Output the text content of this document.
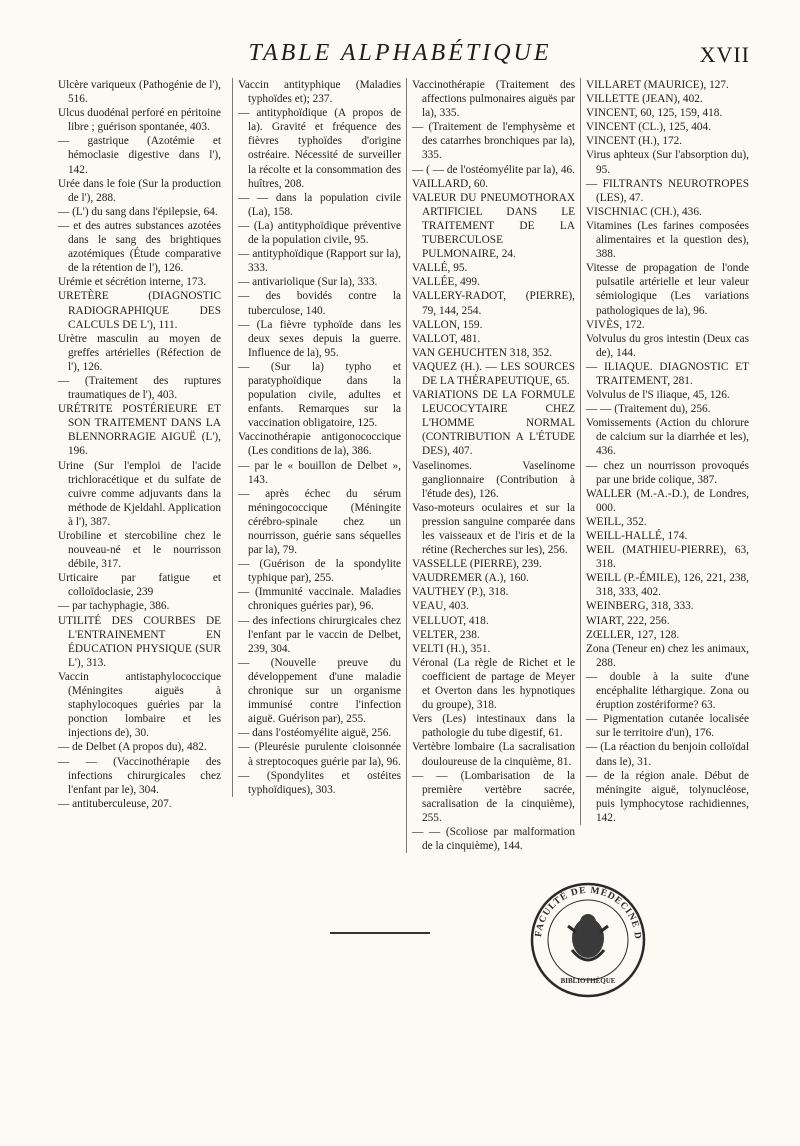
TABLE ALPHABÉTIQUE	XVII

Ulcère variqueux (Pathogénie de l'), 516.

Ulcus duodénal perforé en péritoine libre ; guérison spontanée, 403.

— gastrique (Azotémie et hémoclasie digestive dans l'), 142.

Urée dans le foie (Sur la production de l'), 288.

— (L') du sang dans l'épilepsie, 64.

— et des autres substances azotées dans le sang des brightiques azotémiques (Étude comparative de la rétention de l'), 126.

Urémie et sécrétion interne, 173.

URETÈRE (DIAGNOSTIC RADIOGRAPHIQUE DES CALCULS DE L'), 111.

Urètre masculin au moyen de greffes artérielles (Réfection de l'), 126.

— (Traitement des ruptures traumatiques de l'), 403.

URÉTRITE POSTÉRIEURE ET SON TRAITEMENT DANS LA BLENNORRAGIE AIGUË (L'), 196.

Urine (Sur l'emploi de l'acide trichloracétique et du sulfate de cuivre comme adjuvants dans la méthode de Kjeldahl. Application à l'), 387.

Urobiline et stercobiline chez le nouveau-né et le nourrisson débile, 317.

Urticaire par fatigue et colloïdoclasie, 239

— par tachyphagie, 386.

UTILITÉ DES COURBES DE L'ENTRAINEMENT EN ÉDUCATION PHYSIQUE (SUR L'), 313.

Vaccin antistaphylococcique (Méningites aiguës à staphylocoques guéries par la ponction lombaire et les injections de), 30.

— de Delbet (A propos du), 482.

— — (Vaccinothérapie des infections chirurgicales chez l'enfant par le), 304.

— antituberculeuse, 207.

Vaccin antityphique (Maladies typhoïdes et); 237.

— antityphoïdique (A propos de la). Gravité et fréquence des fièvres typhoïdes d'origine ostréaire. Nécessité de surveiller la récolte et la consommation des huîtres, 208.

— — dans la population civile (La), 158.

— (La) antityphoïdique préventive de la population civile, 95.

— antityphoïdique (Rapport sur la), 333.

— antivariolique (Sur la), 333.

— des bovidés contre la tuberculose, 140.

— (La fièvre typhoïde dans les deux sexes depuis la guerre. Influence de la), 95.

— (Sur la) typho et paratyphoïdique dans la population civile, adultes et enfants. Remarques sur la vaccination obligatoire, 125.

Vaccinothérapie antigonococcique (Les conditions de la), 386.

— par le « bouillon de Delbet », 143.

— après échec du sérum méningococcique (Méningite cérébro-spinale chez un nourrisson, guérie sans séquelles par la), 79.

— (Guérison de la spondylite typhique par), 255.

— (Immunité vaccinale. Maladies chroniques guéries par), 96.

— des infections chirurgicales chez l'enfant par le vaccin de Delbet, 239, 304.

— (Nouvelle preuve du développement d'une maladie chronique sur un organisme immunisé contre l'infection aiguë. Guérison par), 255.

— dans l'ostéomyélite aiguë, 256.

— (Pleurésie purulente cloisonnée à streptocoques guérie par la), 96.

— (Spondylites et ostéites typhoïdiques), 303.

Vaccinothérapie (Traitement des affections pulmonaires aiguës par la), 335.

— (Traitement de l'emphysème et des catarrhes bronchiques par la), 335.

— ( — de l'ostéomyélite par la), 46.

VAILLARD, 60.

VALEUR DU PNEUMOTHORAX ARTIFICIEL DANS LE TRAITEMENT DE LA TUBERCULOSE PULMONAIRE, 24.

VALLÉ, 95.

VALLÉE, 499.

VALLERY-RADOT, (PIERRE), 79, 144, 254.

VALLON, 159.

VALLOT, 481.

VAN GEHUCHTEN 318, 352.

VAQUEZ (H.). — LES SOURCES DE LA THÉRAPEUTIQUE, 65.

VARIATIONS DE LA FORMULE LEUCOCYTAIRE CHEZ L'HOMME NORMAL (CONTRIBUTION A L'ÉTUDE DES), 407.

Vaselinomes. Vaselinome ganglionnaire (Contribution à l'étude des), 126.

Vaso-moteurs oculaires et sur la pression sanguine comparée dans les vaisseaux et de l'iris et de la rétine (Recherches sur les), 256.

VASSELLE (PIERRE), 239.

VAUDREMER (A.), 160.

VAUTHEY (P.), 318.

VEAU, 403.

VELLUOT, 418.

VELTER, 238.

VELTI (H.), 351.

Véronal (La règle de Richet et le coefficient de partage de Meyer et Overton dans les hypnotiques du groupe), 318.

Vers (Les) intestinaux dans la pathologie du tube digestif, 61.

Vertèbre lombaire (La sacralisation douloureuse de la cinquième, 81.

— — (Lombarisation de la première vertèbre sacrée, sacralisation de la cinquième), 255.

— — (Scoliose par malformation de la cinquième), 144.

VILLARET (MAURICE), 127.

VILLETTE (JEAN), 402.

VINCENT, 60, 125, 159, 418.

VINCENT (CL.), 125, 404.

VINCENT (H.), 172.

Virus aphteux (Sur l'absorption du), 95.

— FILTRANTS NEUROTROPES (LES), 47.

VISCHNIAC (CH.), 436.

Vitamines (Les farines composées alimentaires et la question des), 388.

Vitesse de propagation de l'onde pulsatile artérielle et leur valeur sémiologique (Les variations pathologiques de la), 96.

VIVÈS, 172.

Volvulus du gros intestin (Deux cas de), 144.

— ILIAQUE. DIAGNOSTIC ET TRAITEMENT, 281.

Volvulus de l'S iliaque, 45, 126.

— — (Traitement du), 256.

Vomissements (Action du chlorure de calcium sur la diarrhée et les), 436.

— chez un nourrisson provoqués par une bride colique, 387.

WALLER (M.-A.-D.), de Londres, 000.

WEILL, 352.

WEILL-HALLÉ, 174.

WEIL (MATHIEU-PIERRE), 63, 318.

WEILL (P.-ÉMILE), 126, 221, 238, 318, 333, 402.

WEINBERG, 318, 333.

WIART, 222, 256.

ZŒLLER, 127, 128.

Zona (Teneur en) chez les animaux, 288.

— double à la suite d'une encéphalite léthargique. Zona ou éruption zostériforme? 63.

— Pigmentation cutanée localisée sur le territoire d'un), 176.

— (La réaction du benjoin colloïdal dans le), 31.

— de la région anale. Début de méningite aiguë, tolynucléose, puis lymphocytose rachidiennes, 142.

FACULTÉ DE MÉDECINE D
BIBLIOTHÈQUE
